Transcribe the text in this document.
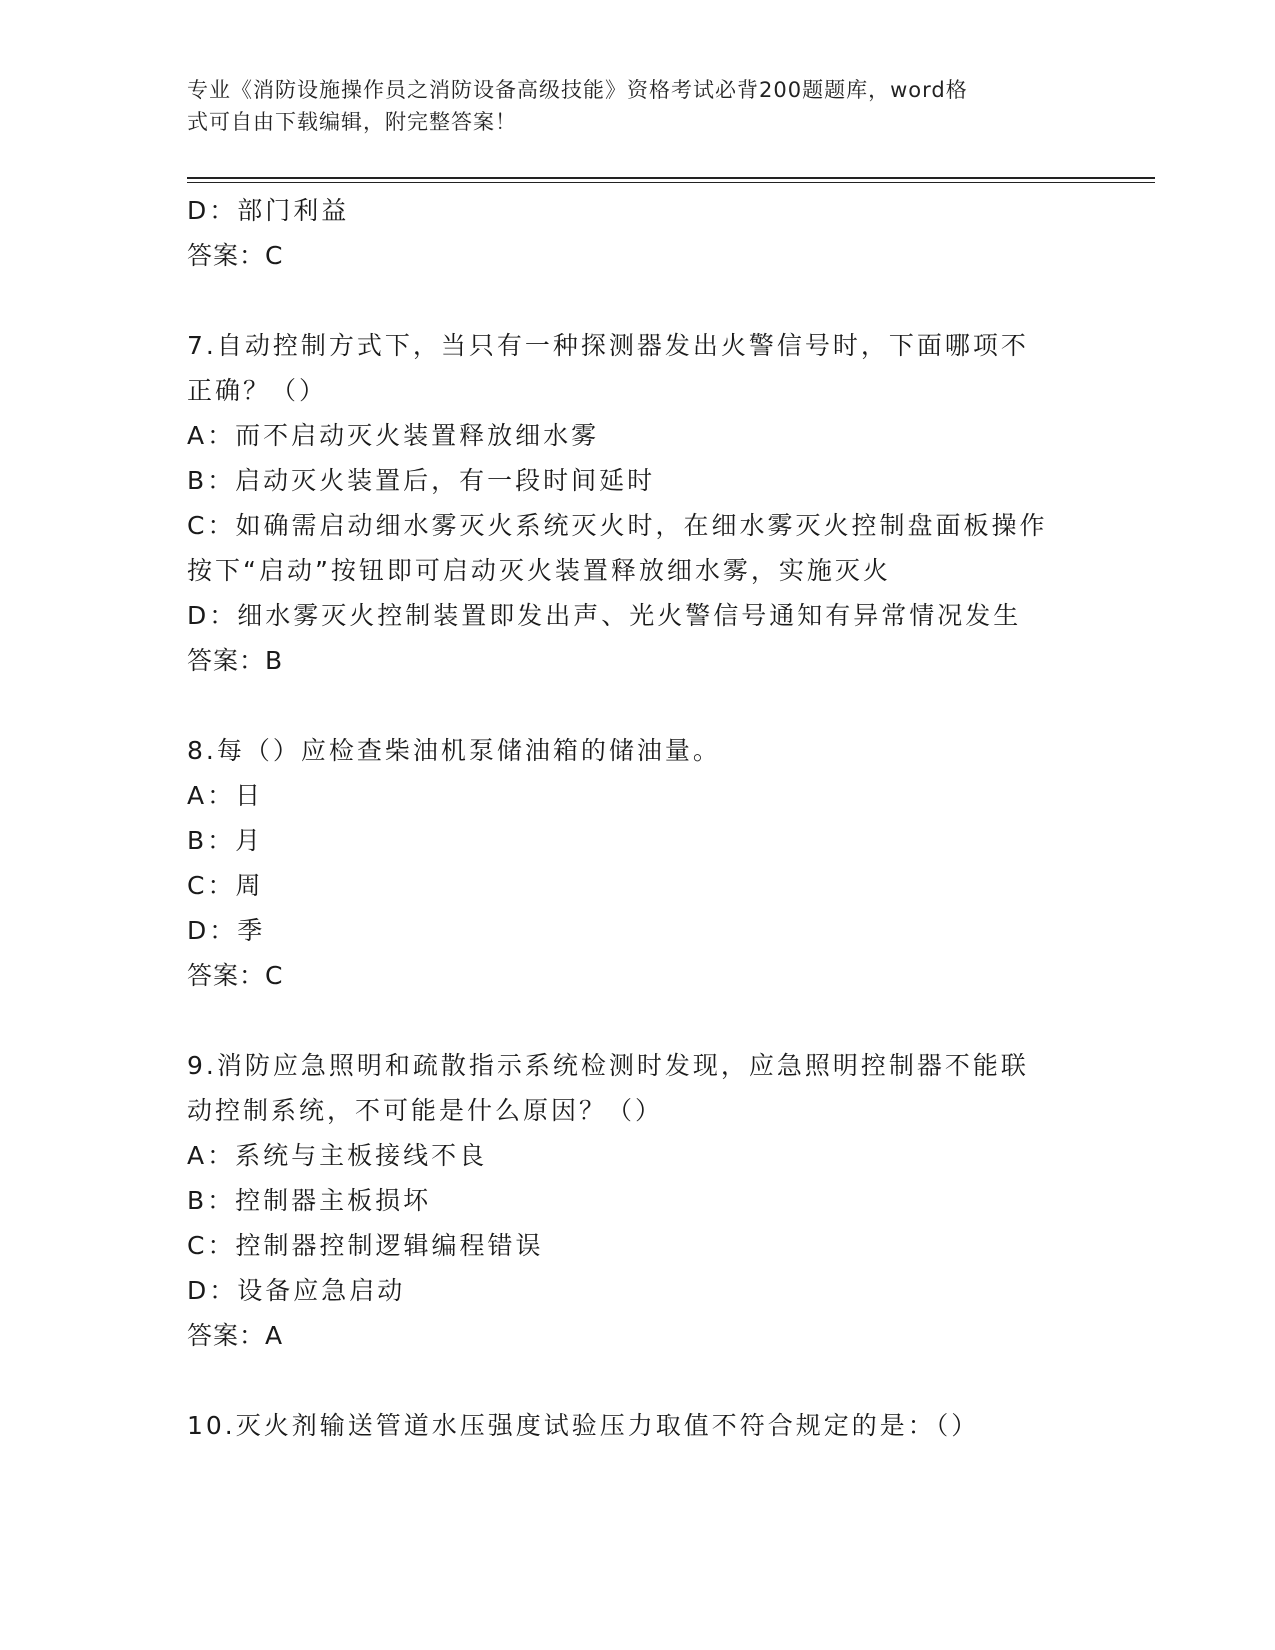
专业《消防设施操作员之消防设备高级技能》资格考试必背200题题库，word格
式可自由下载编辑，附完整答案！
D：部门利益
答案：C
7.自动控制方式下，当只有一种探测器发出火警信号时，下面哪项不
正确？（）
A：而不启动灭火装置释放细水雾
B：启动灭火装置后，有一段时间延时
C：如确需启动细水雾灭火系统灭火时，在细水雾灭火控制盘面板操作
按下“启动”按钮即可启动灭火装置释放细水雾，实施灭火
D：细水雾灭火控制装置即发出声、光火警信号通知有异常情况发生
答案：B
8.每（）应检查柴油机泵储油箱的储油量。
A：日
B：月
C：周
D：季
答案：C
9.消防应急照明和疏散指示系统检测时发现，应急照明控制器不能联
动控制系统，不可能是什么原因？（）
A：系统与主板接线不良
B：控制器主板损坏
C：控制器控制逻辑编程错误
D：设备应急启动
答案：A
10.灭火剂输送管道水压强度试验压力取值不符合规定的是：（）
